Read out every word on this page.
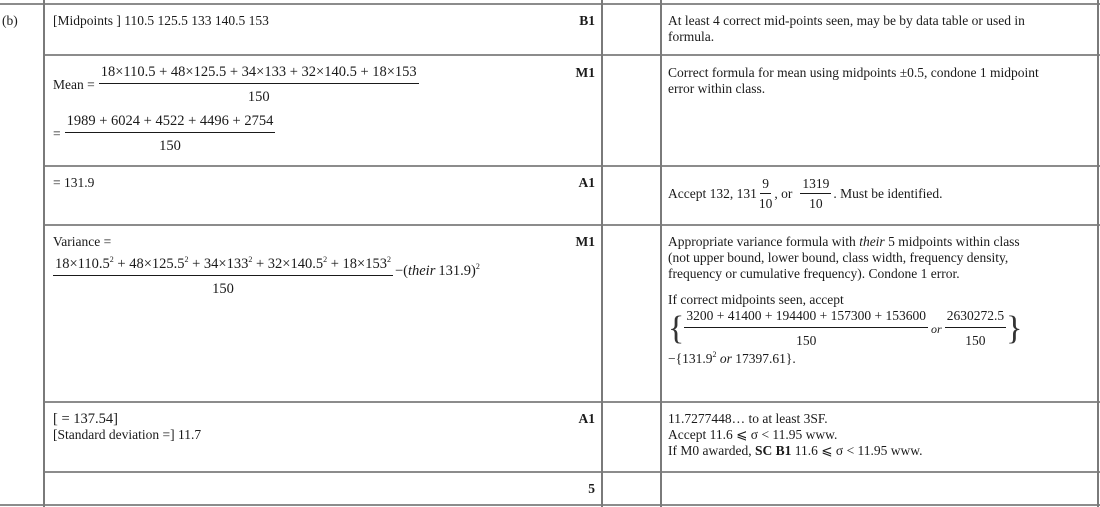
(b)	[Midpoints ] 110.5 125.5 133 140.5 153	B1	At least 4 correct mid-points seen, may be by data table or used in
formula.
Mean = $\frac{18\times 110.5 + 48\times 125.5 + 34\times 133 + 32\times 140.5 + 18\times 153}{150}$
= $\frac{1989 + 6024 + 4522 + 4496 + 2754}{150}$
M1	Correct formula for mean using midpoints ±0.5, condone 1 midpoint
error within class.
= 131.9	A1
Accept 132, $131 \frac{9}{10}$ , or $\frac{1319}{10}$ . Must be identified.
Variance =
$18\times 110.5^2 + 48\times 125.5^2 + 34\times 133^2 + 32\times 140.5^2 + 18\times 153^2$
150
−(their 131.9)$^2$
M1	Appropriate variance formula with their 5 midpoints within class
(not upper bound, lower bound, class width, frequency density,
frequency or cumulative frequency). Condone 1 error.
If correct midpoints seen, accept
{ $\frac{3200 + 41400 + 194400 + 157300 + 153600}{150}$ or $\frac{2630272.5}{150}$ }
$-\{131.9^2$ or 17397.61}.
[ = 137.54]
[Standard deviation =] 11.7
A1	11.7277448… to at least 3SF.
Accept 11.6 ⩽ σ < 11.95 www.
If M0 awarded, SC B1 11.6 ⩽ σ < 11.95 www.
5
